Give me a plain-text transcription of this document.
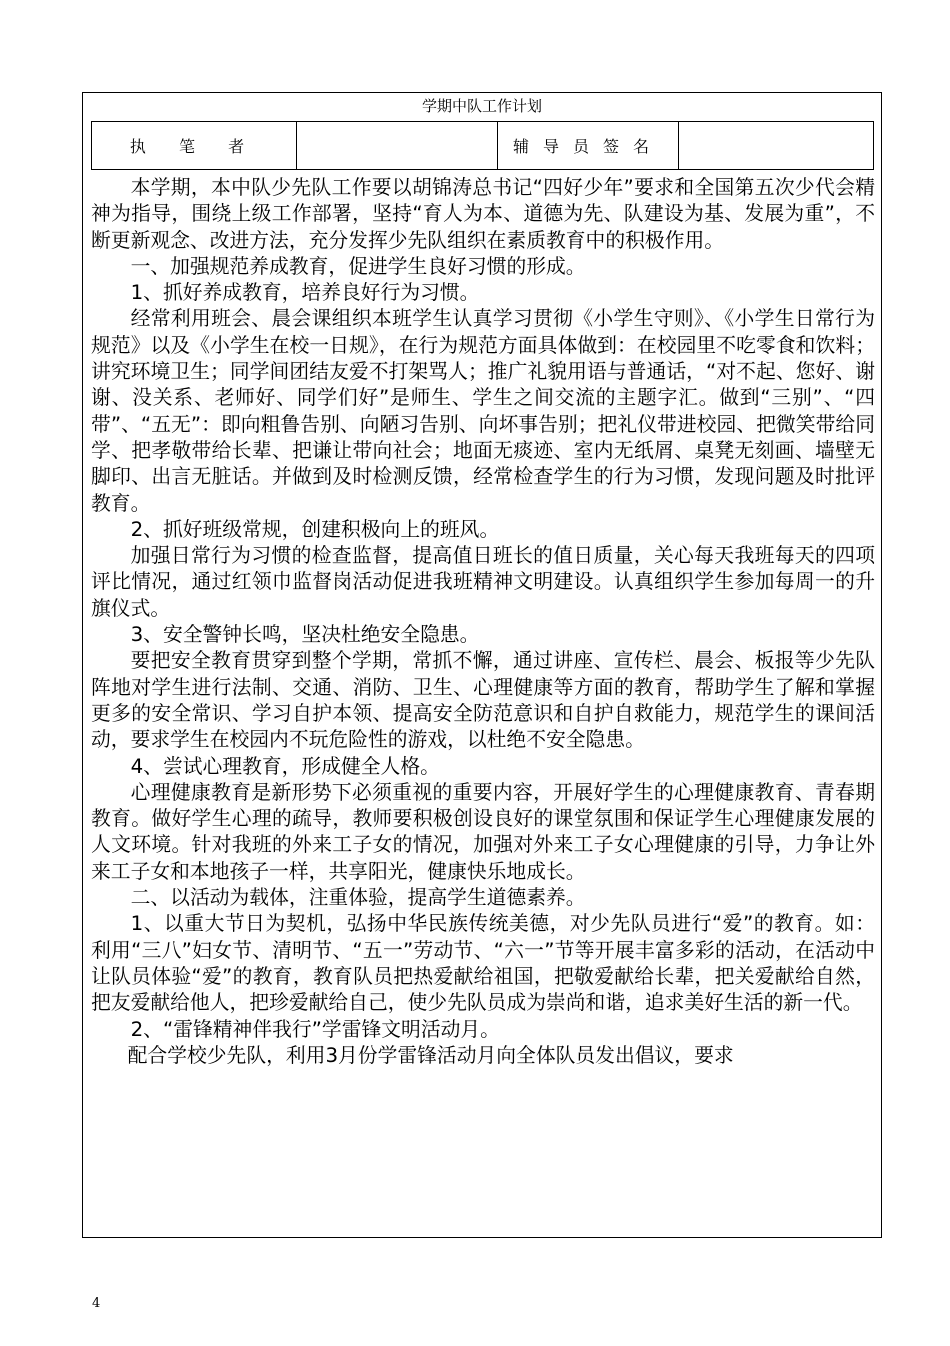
学期中队工作计划
执 笔 者		辅导员签名	

本学期，本中队少先队工作要以胡锦涛总书记“四好少年”要求和全国第五次少代会精神为指导，围绕上级工作部署，坚持“育人为本、道德为先、队建设为基、发展为重”，不断更新观念、改进方法，充分发挥少先队组织在素质教育中的积极作用。

一、加强规范养成教育，促进学生良好习惯的形成。

1、抓好养成教育，培养良好行为习惯。

经常利用班会、晨会课组织本班学生认真学习贯彻《小学生守则》、《小学生日常行为规范》以及《小学生在校一日规》，在行为规范方面具体做到：在校园里不吃零食和饮料；讲究环境卫生；同学间团结友爱不打架骂人；推广礼貌用语与普通话，“对不起、您好、谢谢、没关系、老师好、同学们好”是师生、学生之间交流的主题字汇。做到“三别”、“四带”、“五无”：即向粗鲁告别、向陋习告别、向坏事告别；把礼仪带进校园、把微笑带给同学、把孝敬带给长辈、把谦让带向社会；地面无痰迹、室内无纸屑、桌凳无刻画、墙壁无脚印、出言无脏话。并做到及时检测反馈，经常检查学生的行为习惯，发现问题及时批评教育。

2、抓好班级常规，创建积极向上的班风。

加强日常行为习惯的检查监督，提高值日班长的值日质量，关心每天我班每天的四项评比情况，通过红领巾监督岗活动促进我班精神文明建设。认真组织学生参加每周一的升旗仪式。

3、安全警钟长鸣，坚决杜绝安全隐患。

要把安全教育贯穿到整个学期，常抓不懈，通过讲座、宣传栏、晨会、板报等少先队阵地对学生进行法制、交通、消防、卫生、心理健康等方面的教育，帮助学生了解和掌握更多的安全常识、学习自护本领、提高安全防范意识和自护自救能力，规范学生的课间活动，要求学生在校园内不玩危险性的游戏，以杜绝不安全隐患。

4、尝试心理教育，形成健全人格。

心理健康教育是新形势下必须重视的重要内容，开展好学生的心理健康教育、青春期教育。做好学生心理的疏导，教师要积极创设良好的课堂氛围和保证学生心理健康发展的人文环境。针对我班的外来工子女的情况，加强对外来工子女心理健康的引导，力争让外来工子女和本地孩子一样，共享阳光，健康快乐地成长。

二、以活动为载体，注重体验，提高学生道德素养。

1、以重大节日为契机，弘扬中华民族传统美德，对少先队员进行“爱”的教育。如：利用“三八”妇女节、清明节、“五一”劳动节、“六一”节等开展丰富多彩的活动，在活动中让队员体验“爱”的教育，教育队员把热爱献给祖国，把敬爱献给长辈，把关爱献给自然，把友爱献给他人，把珍爱献给自己，使少先队员成为崇尚和谐，追求美好生活的新一代。

2、“雷锋精神伴我行”学雷锋文明活动月。

配合学校少先队，利用3月份学雷锋活动月向全体队员发出倡议，要求

4
